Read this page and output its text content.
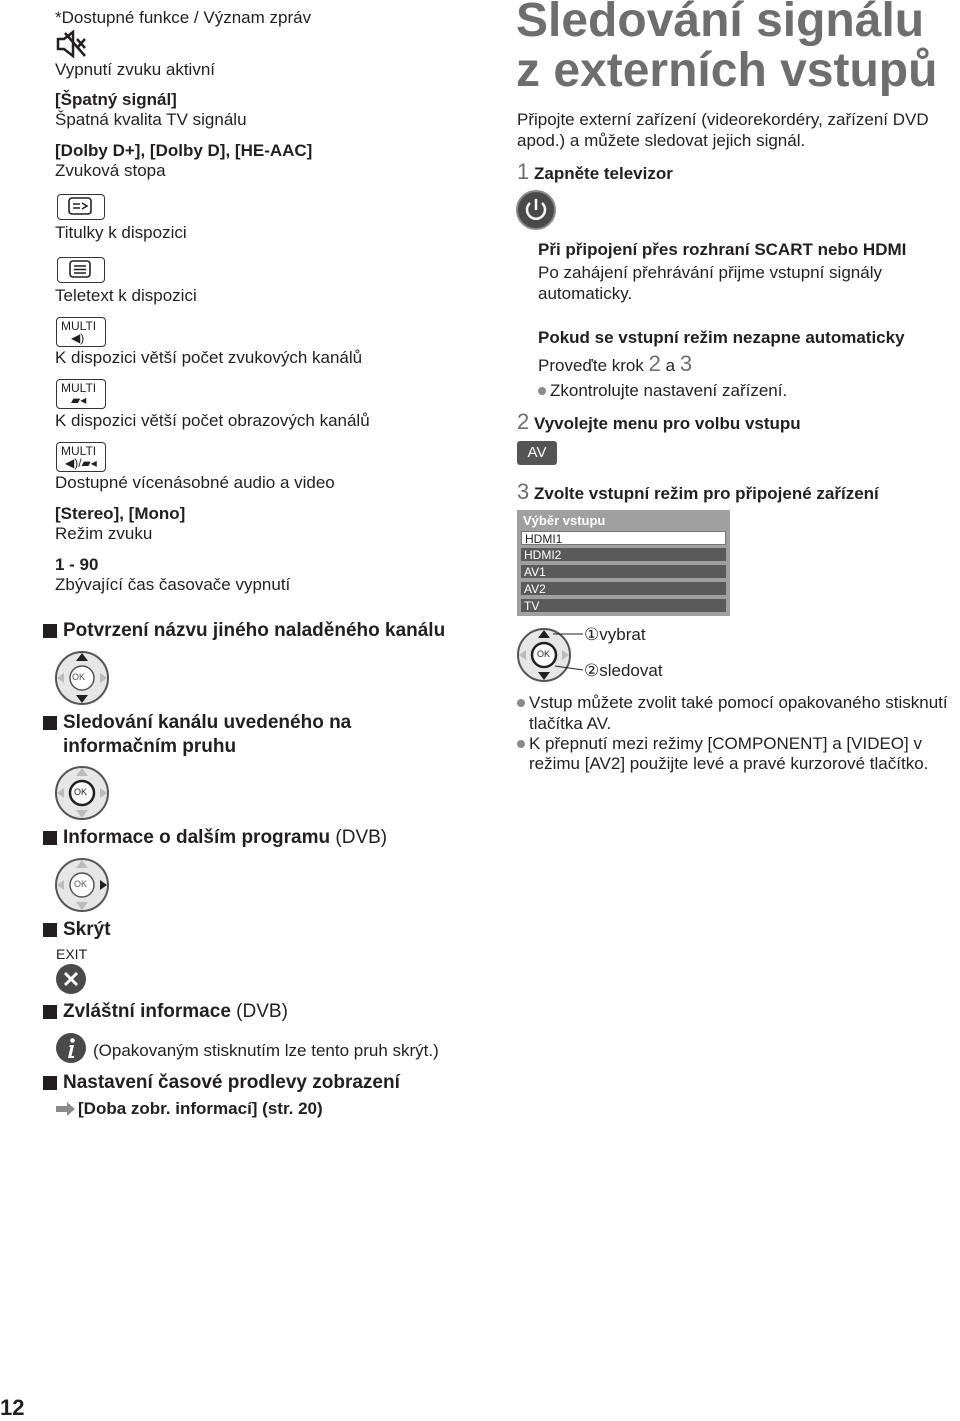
*Dostupné funkce / Význam zpráv
Vypnutí zvuku aktivní
[Špatný signál]
Špatná kvalita TV signálu
[Dolby D+], [Dolby D], [HE-AAC]
Zvuková stopa
Titulky k dispozici
Teletext k dispozici
MULTI
◀)
K dispozici větší počet zvukových kanálů
MULTI
▰◂
K dispozici větší počet obrazových kanálů
MULTI
◀)/▰◂
Dostupné vícenásobné audio a video
[Stereo], [Mono]
Režim zvuku
1 - 90
Zbývající čas časovače vypnutí
Potvrzení názvu jiného naladěného kanálu
OK
Sledování kanálu uvedeného na
informačním pruhu
OK
Informace o dalším programu (DVB)
OK
Skrýt
EXIT
Zvláštní informace (DVB)
(Opakovaným stisknutím lze tento pruh skrýt.)
Nastavení časové prodlevy zobrazení
[Doba zobr. informací] (str. 20)
12
Sledování signálu
z externích vstupů
Připojte externí zařízení (videorekordéry, zařízení DVD
apod.) a můžete sledovat jejich signál.
1 Zapněte televizor
Při připojení přes rozhraní SCART nebo HDMI
Po zahájení přehrávání přijme vstupní signály
automaticky.
Pokud se vstupní režim nezapne automaticky
Proveďte krok 2 a 3
Zkontrolujte nastavení zařízení.
2 Vyvolejte menu pro volbu vstupu
AV
3 Zvolte vstupní režim pro připojené zařízení
Výběr vstupu
HDMI1
HDMI2
AV1
AV2
TV
OK
①vybrat
②sledovat
Vstup můžete zvolit také pomocí opakovaného stisknutí
tlačítka AV.
K přepnutí mezi režimy [COMPONENT] a [VIDEO] v
režimu [AV2] použijte levé a pravé kurzorové tlačítko.
